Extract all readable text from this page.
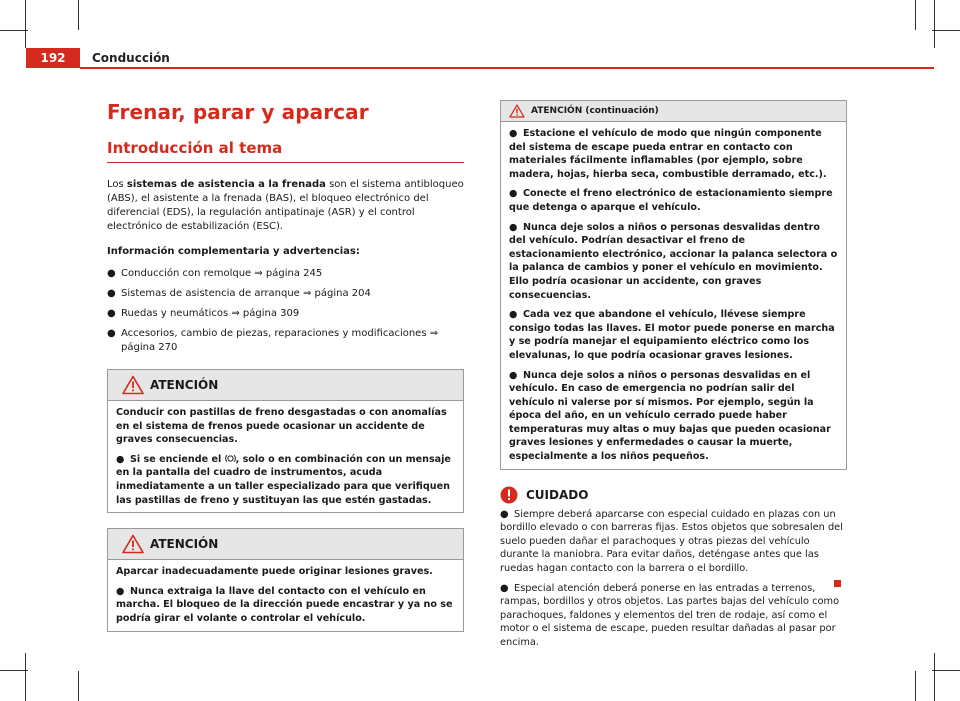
192	Conducción
Frenar, parar y aparcar
Introducción al tema
Los sistemas de asistencia a la frenada son el sistema antibloqueo (ABS), el asistente a la frenada (BAS), el bloqueo electrónico del diferencial (EDS), la regulación antipatinaje (ASR) y el control electrónico de estabilización (ESC).
Información complementaria y advertencias:
● Conducción con remolque ⇒ página 245
● Sistemas de asistencia de arranque ⇒ página 204
● Ruedas y neumáticos ⇒ página 309
● Accesorios, cambio de piezas, reparaciones y modificaciones ⇒ página 270
ATENCIÓN

Conducir con pastillas de freno desgastadas o con anomalías en el sistema de frenos puede ocasionar un accidente de graves consecuencias.

● Si se enciende el , solo o en combinación con un mensaje en la pantalla del cuadro de instrumentos, acuda inmediatamente a un taller especializado para que verifiquen las pastillas de freno y sustituyan las que estén gastadas.

ATENCIÓN

Aparcar inadecuadamente puede originar lesiones graves.

● Nunca extraiga la llave del contacto con el vehículo en marcha. El bloqueo de la dirección puede encastrar y ya no se podría girar el volante o controlar el vehículo.

ATENCIÓN (continuación)

● Estacione el vehículo de modo que ningún componente del sistema de escape pueda entrar en contacto con materiales fácilmente inflamables (por ejemplo, sobre madera, hojas, hierba seca, combustible derramado, etc.).

● Conecte el freno electrónico de estacionamiento siempre que detenga o aparque el vehículo.

● Nunca deje solos a niños o personas desvalidas dentro del vehículo. Podrían desactivar el freno de estacionamiento electrónico, accionar la palanca selectora o la palanca de cambios y poner el vehículo en movimiento. Ello podría ocasionar un accidente, con graves consecuencias.

● Cada vez que abandone el vehículo, llévese siempre consigo todas las llaves. El motor puede ponerse en marcha y se podría manejar el equipamiento eléctrico como los elevalunas, lo que podría ocasionar graves lesiones.

● Nunca deje solos a niños o personas desvalidas en el vehículo. En caso de emergencia no podrían salir del vehículo ni valerse por sí mismos. Por ejemplo, según la época del año, en un vehículo cerrado puede haber temperaturas muy altas o muy bajas que pueden ocasionar graves lesiones y enfermedades o causar la muerte, especialmente a los niños pequeños.

CUIDADO

● Siempre deberá aparcarse con especial cuidado en plazas con un bordillo elevado o con barreras fijas. Estos objetos que sobresalen del suelo pueden dañar el parachoques y otras piezas del vehículo durante la maniobra. Para evitar daños, deténgase antes que las ruedas hagan contacto con la barrera o el bordillo.

● Especial atención deberá ponerse en las entradas a terrenos, rampas, bordillos y otros objetos. Las partes bajas del vehículo como parachoques, faldones y elementos del tren de rodaje, así como el motor o el sistema de escape, pueden resultar dañadas al pasar por encima.
